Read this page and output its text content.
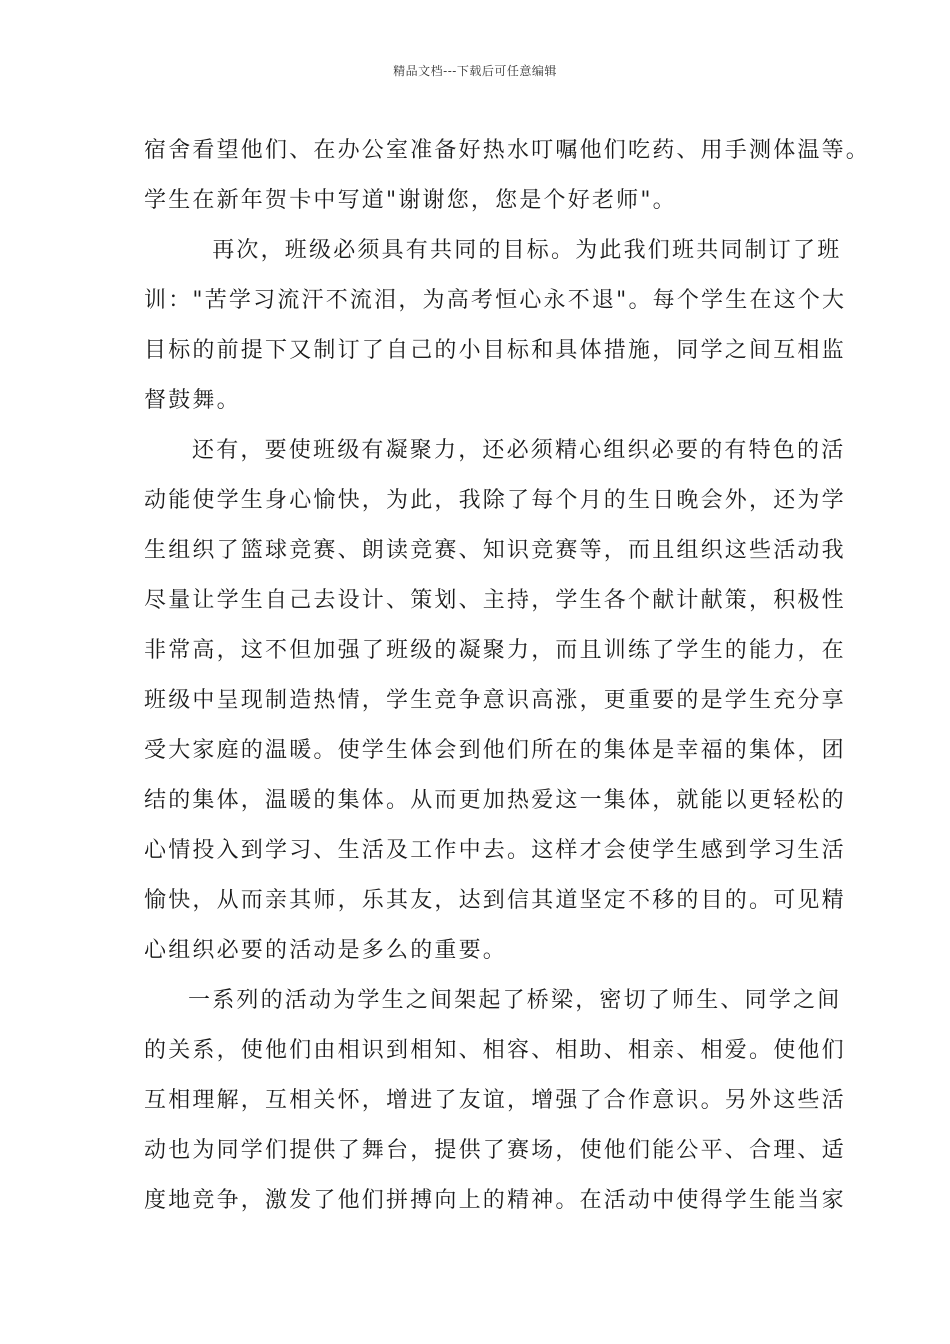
精品文档---下载后可任意编辑
宿舍看望他们、在办公室准备好热水叮嘱他们吃药、用手测体温等。
学生在新年贺卡中写道"谢谢您，您是个好老师"。
　再次，班级必须具有共同的目标。为此我们班共同制订了班
训："苦学习流汗不流泪，为高考恒心永不退"。每个学生在这个大
目标的前提下又制订了自己的小目标和具体措施，同学之间互相监
督鼓舞。
还有，要使班级有凝聚力，还必须精心组织必要的有特色的活
动能使学生身心愉快，为此，我除了每个月的生日晚会外，还为学
生组织了篮球竞赛、朗读竞赛、知识竞赛等，而且组织这些活动我
尽量让学生自己去设计、策划、主持，学生各个献计献策，积极性
非常高，这不但加强了班级的凝聚力，而且训练了学生的能力，在
班级中呈现制造热情，学生竞争意识高涨，更重要的是学生充分享
受大家庭的温暖。使学生体会到他们所在的集体是幸福的集体，团
结的集体，温暖的集体。从而更加热爱这一集体，就能以更轻松的
心情投入到学习、生活及工作中去。这样才会使学生感到学习生活
愉快，从而亲其师，乐其友，达到信其道坚定不移的目的。可见精
心组织必要的活动是多么的重要。
一系列的活动为学生之间架起了桥梁，密切了师生、同学之间
的关系，使他们由相识到相知、相容、相助、相亲、相爱。使他们
互相理解，互相关怀，增进了友谊，增强了合作意识。另外这些活
动也为同学们提供了舞台，提供了赛场，使他们能公平、合理、适
度地竞争，激发了他们拼搏向上的精神。在活动中使得学生能当家
